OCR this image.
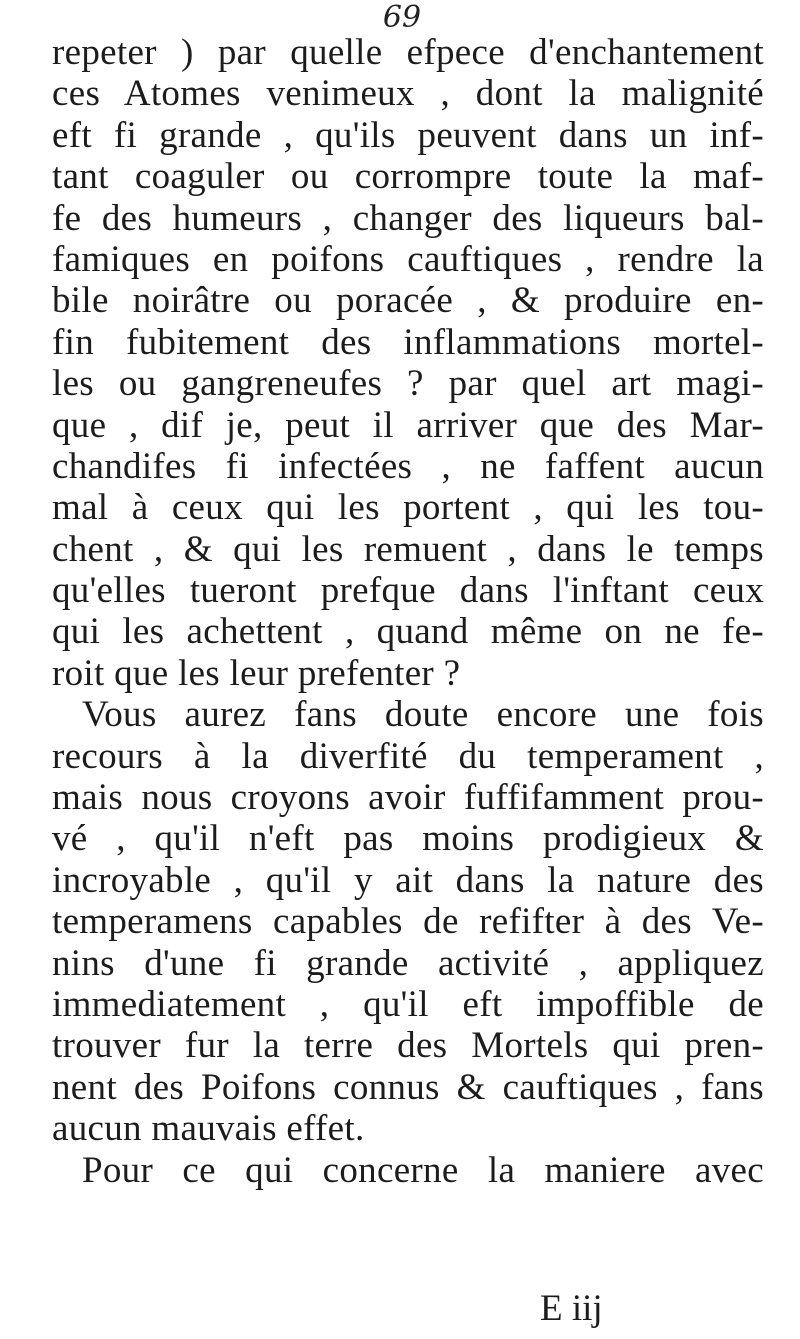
69
repeter ) par quelle efpece d'enchantement
ces Atomes venimeux , dont la malignité
eft fi grande , qu'ils peuvent dans un inf-
tant coaguler ou corrompre toute la maf-
fe des humeurs , changer des liqueurs bal-
famiques en poifons cauftiques , rendre la
bile noirâtre ou poracée , & produire en-
fin fubitement des inflammations mortel-
les ou gangreneufes ? par quel art magi-
que , dif je, peut il arriver que des Mar-
chandifes fi infectées , ne faffent aucun
mal à ceux qui les portent , qui les tou-
chent , & qui les remuent , dans le temps
qu'elles tueront prefque dans l'inftant ceux
qui les achettent , quand même on ne fe-
roit que les leur prefenter ?
Vous aurez fans doute encore une fois
recours à la diverfité du temperament ,
mais nous croyons avoir fuffifamment prou-
vé , qu'il n'eft pas moins prodigieux &
incroyable , qu'il y ait dans la nature des
temperamens capables de refifter à des Ve-
nins d'une fi grande activité , appliquez
immediatement , qu'il eft impoffible de
trouver fur la terre des Mortels qui pren-
nent des Poifons connus & cauftiques , fans
aucun mauvais effet.
Pour ce qui concerne la maniere avec
E iij
